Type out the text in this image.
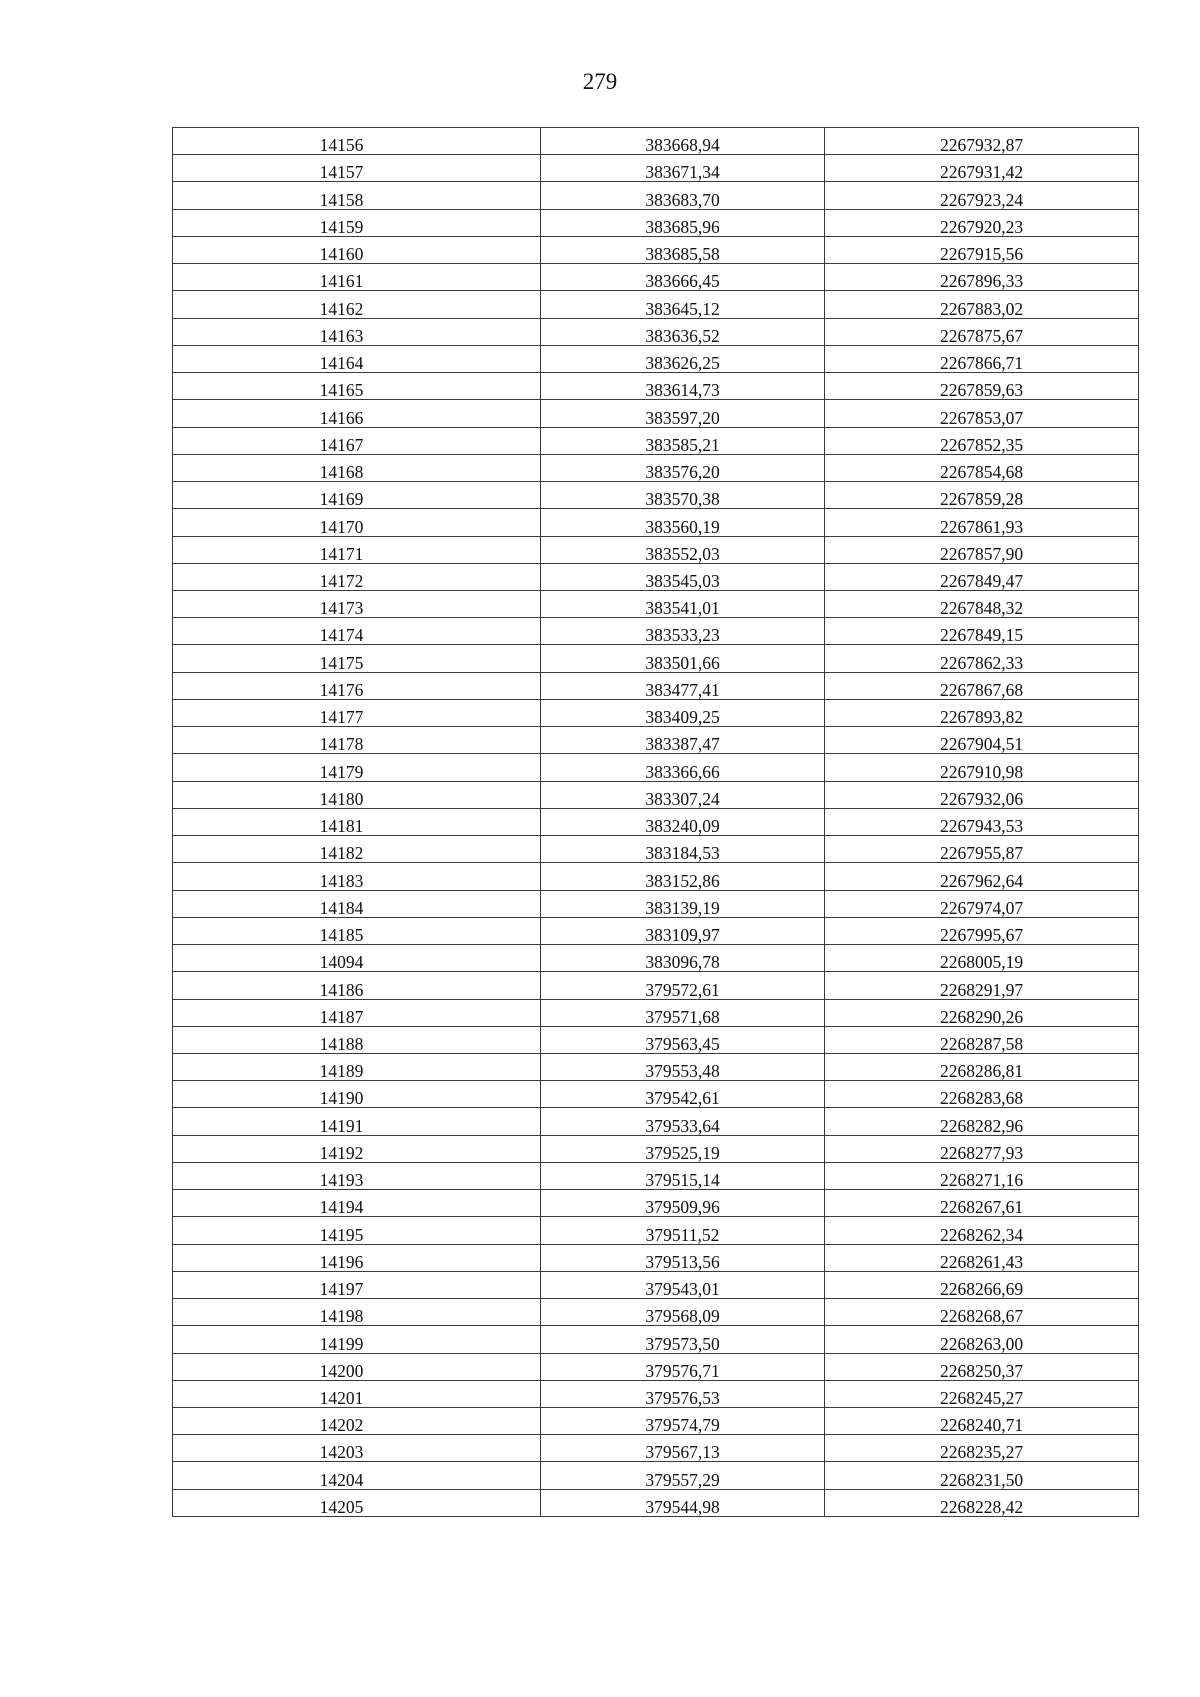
279
14156	383668,94	2267932,87
14157	383671,34	2267931,42
14158	383683,70	2267923,24
14159	383685,96	2267920,23
14160	383685,58	2267915,56
14161	383666,45	2267896,33
14162	383645,12	2267883,02
14163	383636,52	2267875,67
14164	383626,25	2267866,71
14165	383614,73	2267859,63
14166	383597,20	2267853,07
14167	383585,21	2267852,35
14168	383576,20	2267854,68
14169	383570,38	2267859,28
14170	383560,19	2267861,93
14171	383552,03	2267857,90
14172	383545,03	2267849,47
14173	383541,01	2267848,32
14174	383533,23	2267849,15
14175	383501,66	2267862,33
14176	383477,41	2267867,68
14177	383409,25	2267893,82
14178	383387,47	2267904,51
14179	383366,66	2267910,98
14180	383307,24	2267932,06
14181	383240,09	2267943,53
14182	383184,53	2267955,87
14183	383152,86	2267962,64
14184	383139,19	2267974,07
14185	383109,97	2267995,67
14094	383096,78	2268005,19
14186	379572,61	2268291,97
14187	379571,68	2268290,26
14188	379563,45	2268287,58
14189	379553,48	2268286,81
14190	379542,61	2268283,68
14191	379533,64	2268282,96
14192	379525,19	2268277,93
14193	379515,14	2268271,16
14194	379509,96	2268267,61
14195	379511,52	2268262,34
14196	379513,56	2268261,43
14197	379543,01	2268266,69
14198	379568,09	2268268,67
14199	379573,50	2268263,00
14200	379576,71	2268250,37
14201	379576,53	2268245,27
14202	379574,79	2268240,71
14203	379567,13	2268235,27
14204	379557,29	2268231,50
14205	379544,98	2268228,42
